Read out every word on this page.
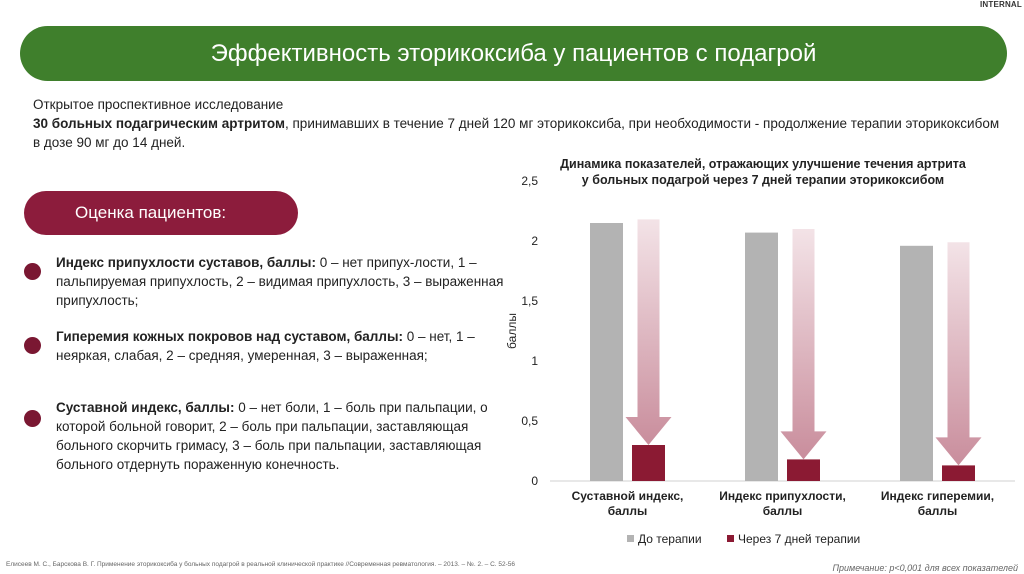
INTERNAL
Эффективность эторикоксиба у пациентов с подагрой
Открытое проспективное исследование
30 больных подагрическим артритом, принимавших в течение 7 дней 120 мг эторикоксиба, при необходимости - продолжение терапии эторикоксибом в дозе 90 мг до 14 дней.
Оценка пациентов:
Индекс припухлости суставов, баллы: 0 – нет припух-лости, 1 – пальпируемая припухлость, 2 – видимая припухлость, 3 – выраженная припухлость;
Гиперемия кожных покровов над суставом, баллы: 0 – нет, 1 – неяркая, слабая, 2 – средняя, умеренная, 3 – выраженная;
Суставной индекс, баллы: 0 – нет боли, 1 – боль при пальпации, о которой больной говорит, 2 – боль при пальпации, заставляющая больного скорчить гримасу, 3 – боль при пальпации, заставляющая больного отдернуть пораженную конечность.
Динамика показателей, отражающих улучшение течения артрита
у больных подагрой через 7 дней терапии эторикоксибом
0
0,5
1
1,5
2
2,5
баллы
Суставной индекс,
баллы
Индекс припухлости,
баллы
Индекс гиперемии,
баллы
До терапии	Через 7 дней терапии
Елисеев М. С., Барскова В. Г. Применение эторикоксиба у больных подагрой в реальной клинической практике //Современная ревматология. – 2013. – №. 2. – С. 52-56	Примечание: p<0,001 для всех показателей
